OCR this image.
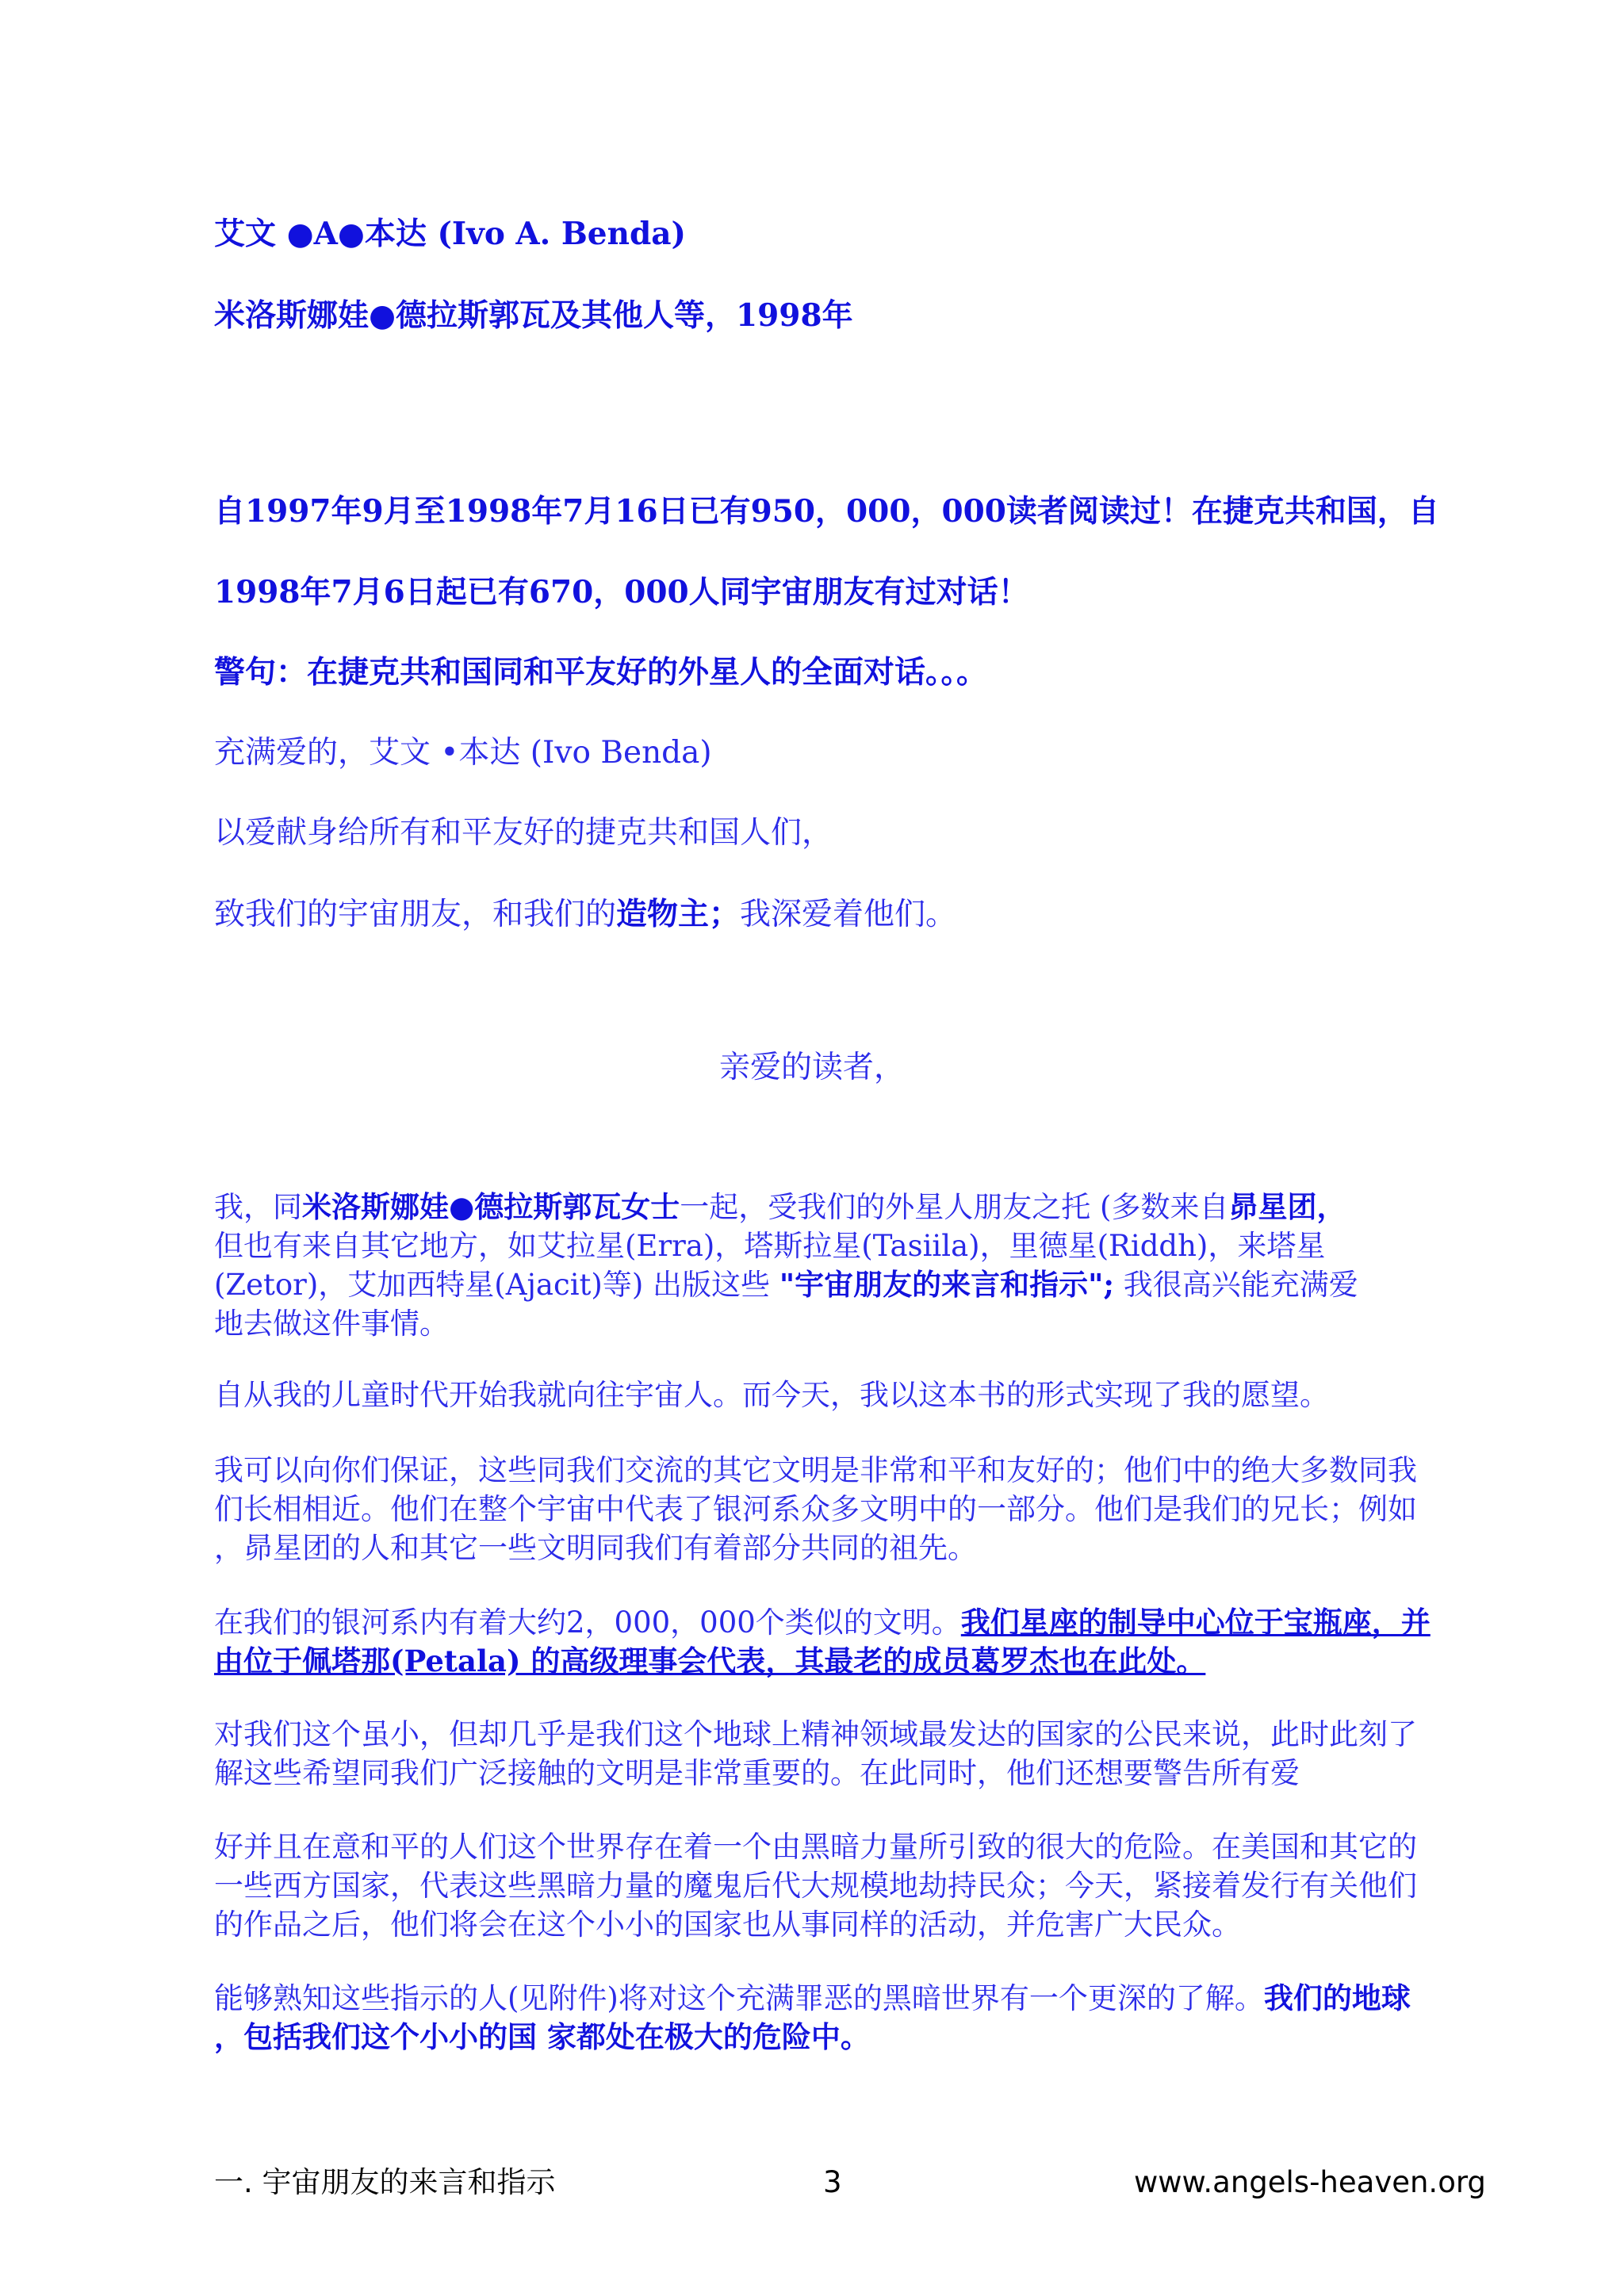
艾文 ●A●本达 (Ivo A. Benda)
米洛斯娜娃●德拉斯郭瓦及其他人等，1998年
自1997年9月至1998年7月16日已有950，000，000读者阅读过！在捷克共和国，自
1998年7月6日起已有670，000人同宇宙朋友有过对话！
警句：在捷克共和国同和平友好的外星人的全面对话。。。
充满爱的，艾文 •本达 (Ivo Benda)
以爱献身给所有和平友好的捷克共和国人们，
致我们的宇宙朋友，和我们的造物主；我深爱着他们。
亲爱的读者，
我，同米洛斯娜娃●德拉斯郭瓦女士一起，受我们的外星人朋友之托 (多数来自昴星团，
但也有来自其它地方，如艾拉星(Erra)，塔斯拉星(Tasiila)，里德星(Riddh)，来塔星
(Zetor)，艾加西特星(Ajacit)等) 出版这些 "宇宙朋友的来言和指示"; 我很高兴能充满爱
地去做这件事情。
自从我的儿童时代开始我就向往宇宙人。而今天，我以这本书的形式实现了我的愿望。
我可以向你们保证，这些同我们交流的其它文明是非常和平和友好的；他们中的绝大多数同我
们长相相近。他们在整个宇宙中代表了银河系众多文明中的一部分。他们是我们的兄长；例如
，昴星团的人和其它一些文明同我们有着部分共同的祖先。
在我们的银河系内有着大约2，000，000个类似的文明。我们星座的制导中心位于宝瓶座，并
由位于佩塔那(Petala) 的高级理事会代表，其最老的成员葛罗杰也在此处。
对我们这个虽小，但却几乎是我们这个地球上精神领域最发达的国家的公民来说，此时此刻了
解这些希望同我们广泛接触的文明是非常重要的。在此同时，他们还想要警告所有爱
好并且在意和平的人们这个世界存在着一个由黑暗力量所引致的很大的危险。在美国和其它的
一些西方国家，代表这些黑暗力量的魔鬼后代大规模地劫持民众；今天，紧接着发行有关他们
的作品之后，他们将会在这个小小的国家也从事同样的活动，并危害广大民众。
能够熟知这些指示的人(见附件)将对这个充满罪恶的黑暗世界有一个更深的了解。我们的地球
，包括我们这个小小的国 家都处在极大的危险中。
一. 宇宙朋友的来言和指示	3	www.angels-heaven.org
